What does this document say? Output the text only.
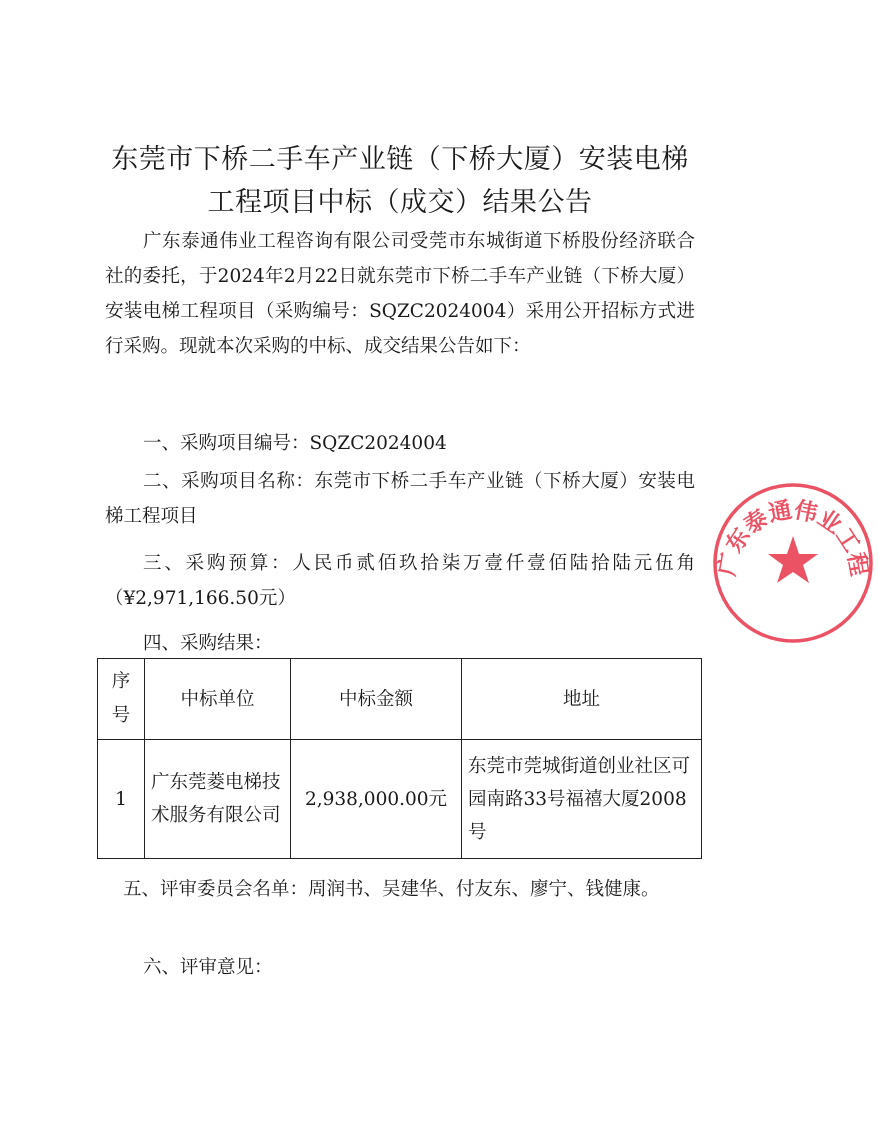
东莞市下桥二手车产业链（下桥大厦）安装电梯工程项目中标（成交）结果公告
广东泰通伟业工程咨询有限公司受莞市东城街道下桥股份经济联合社的委托，于2024年2月22日就东莞市下桥二手车产业链（下桥大厦）安装电梯工程项目（采购编号：SQZC2024004）采用公开招标方式进行采购。现就本次采购的中标、成交结果公告如下：
一、采购项目编号：SQZC2024004
二、采购项目名称：东莞市下桥二手车产业链（下桥大厦）安装电梯工程项目
三、采购预算：人民币贰佰玖拾柒万壹仟壹佰陆拾陆元伍角（¥2,971,166.50元）
四、采购结果：
序号	中标单位	中标金额	地址
1	广东莞菱电梯技术服务有限公司	2,938,000.00元	东莞市莞城街道创业社区可园南路33号福禧大厦2008号
五、评审委员会名单：周润书、吴建华、付友东、廖宁、钱健康。
六、评审意见：
广东泰通伟业工程
